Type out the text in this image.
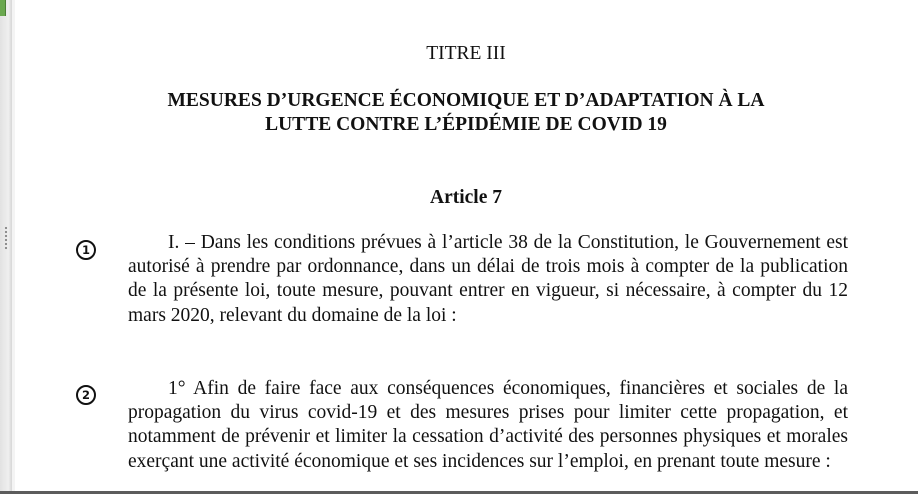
TITRE III

MESURES D’URGENCE ÉCONOMIQUE ET D’ADAPTATION À LA
LUTTE CONTRE L’ÉPIDÉMIE DE COVID 19

Article 7

1	I. – Dans les conditions prévues à l’article 38 de la Constitution, le Gouvernement est autorisé à prendre par ordonnance, dans un délai de trois mois à compter de la publication de la présente loi, toute mesure, pouvant entrer en vigueur, si nécessaire, à compter du 12 mars 2020, relevant du domaine de la loi :

2	1° Afin de faire face aux conséquences économiques, financières et sociales de la propagation du virus covid-19 et des mesures prises pour limiter cette propagation, et notamment de prévenir et limiter la cessation d’activité des personnes physiques et morales exerçant une activité économique et ses incidences sur l’emploi, en prenant toute mesure :
